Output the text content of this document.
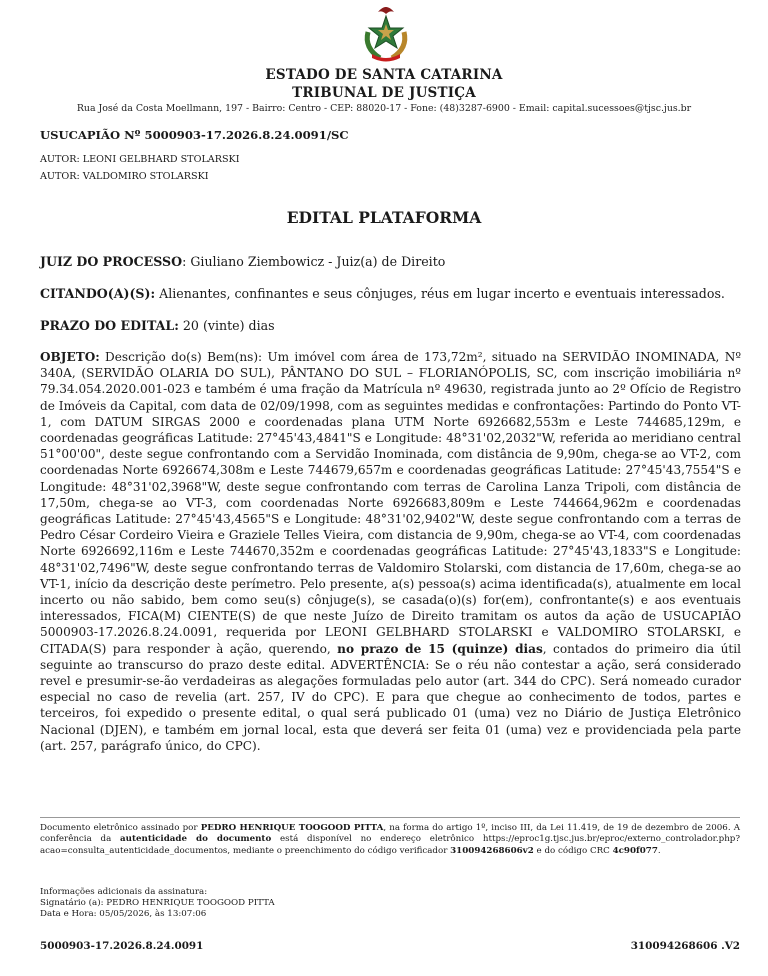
ESTADO DE SANTA CATARINA
TRIBUNAL DE JUSTIÇA
Rua José da Costa Moellmann, 197 - Bairro: Centro - CEP: 88020-17 - Fone: (48)3287-6900 - Email: capital.sucessoes@tjsc.jus.br
USUCAPIÃO Nº 5000903-17.2026.8.24.0091/SC
AUTOR: LEONI GELBHARD STOLARSKI
AUTOR: VALDOMIRO STOLARSKI
EDITAL PLATAFORMA
JUIZ DO PROCESSO: Giuliano Ziembowicz - Juiz(a) de Direito
CITANDO(A)(S): Alienantes, confinantes e seus cônjuges, réus em lugar incerto e eventuais interessados.
PRAZO DO EDITAL: 20 (vinte) dias
OBJETO: Descrição do(s) Bem(ns): Um imóvel com área de 173,72m², situado na SERVIDÃO INOMINADA, Nº 340A, (SERVIDÃO OLARIA DO SUL), PÂNTANO DO SUL – FLORIANÓPOLIS, SC, com inscrição imobiliária nº 79.34.054.2020.001-023 e também é uma fração da Matrícula nº 49630, registrada junto ao 2º Ofício de Registro de Imóveis da Capital, com data de 02/09/1998, com as seguintes medidas e confrontações: Partindo do Ponto VT-1, com DATUM SIRGAS 2000 e coordenadas plana UTM Norte 6926682,553m e Leste 744685,129m, e coordenadas geográficas Latitude: 27°45'43,4841"S e Longitude: 48°31'02,2032"W, referida ao meridiano central 51°00'00", deste segue confrontando com a Servidão Inominada, com distância de 9,90m, chega-se ao VT-2, com coordenadas Norte 6926674,308m e Leste 744679,657m e coordenadas geográficas Latitude: 27°45'43,7554"S e Longitude: 48°31'02,3968"W, deste segue confrontando com terras de Carolina Lanza Tripoli, com distância de 17,50m, chega-se ao VT-3, com coordenadas Norte 6926683,809m e Leste 744664,962m e coordenadas geográficas Latitude: 27°45'43,4565"S e Longitude: 48°31'02,9402"W, deste segue confrontando com a terras de Pedro César Cordeiro Vieira e Graziele Telles Vieira, com distancia de 9,90m, chega-se ao VT-4, com coordenadas Norte 6926692,116m e Leste 744670,352m e coordenadas geográficas Latitude: 27°45'43,1833"S e Longitude: 48°31'02,7496"W, deste segue confrontando terras de Valdomiro Stolarski, com distancia de 17,60m, chega-se ao VT-1, início da descrição deste perímetro. Pelo presente, a(s) pessoa(s) acima identificada(s), atualmente em local incerto ou não sabido, bem como seu(s) cônjuge(s), se casada(o)(s) for(em), confrontante(s) e aos eventuais interessados, FICA(M) CIENTE(S) de que neste Juízo de Direito tramitam os autos da ação de USUCAPIÃO 5000903-17.2026.8.24.0091, requerida por LEONI GELBHARD STOLARSKI e VALDOMIRO STOLARSKI, e CITADA(S) para responder à ação, querendo, no prazo de 15 (quinze) dias, contados do primeiro dia útil seguinte ao transcurso do prazo deste edital. ADVERTÊNCIA: Se o réu não contestar a ação, será considerado revel e presumir-se-ão verdadeiras as alegações formuladas pelo autor (art. 344 do CPC). Será nomeado curador especial no caso de revelia (art. 257, IV do CPC). E para que chegue ao conhecimento de todos, partes e terceiros, foi expedido o presente edital, o qual será publicado 01 (uma) vez no Diário de Justiça Eletrônico Nacional (DJEN), e também em jornal local, esta que deverá ser feita 01 (uma) vez e providenciada pela parte (art. 257, parágrafo único, do CPC).
Documento eletrônico assinado por PEDRO HENRIQUE TOOGOOD PITTA, na forma do artigo 1º, inciso III, da Lei 11.419, de 19 de dezembro de 2006. A conferência da autenticidade do documento está disponível no endereço eletrônico https://eproc1g.tjsc.jus.br/eproc/externo_controlador.php?acao=consulta_autenticidade_documentos, mediante o preenchimento do código verificador 310094268606v2 e do código CRC 4c90f077.
Informações adicionais da assinatura:
Signatário (a): PEDRO HENRIQUE TOOGOOD PITTA
Data e Hora: 05/05/2026, às 13:07:06
5000903-17.2026.8.24.0091	310094268606 .V2
